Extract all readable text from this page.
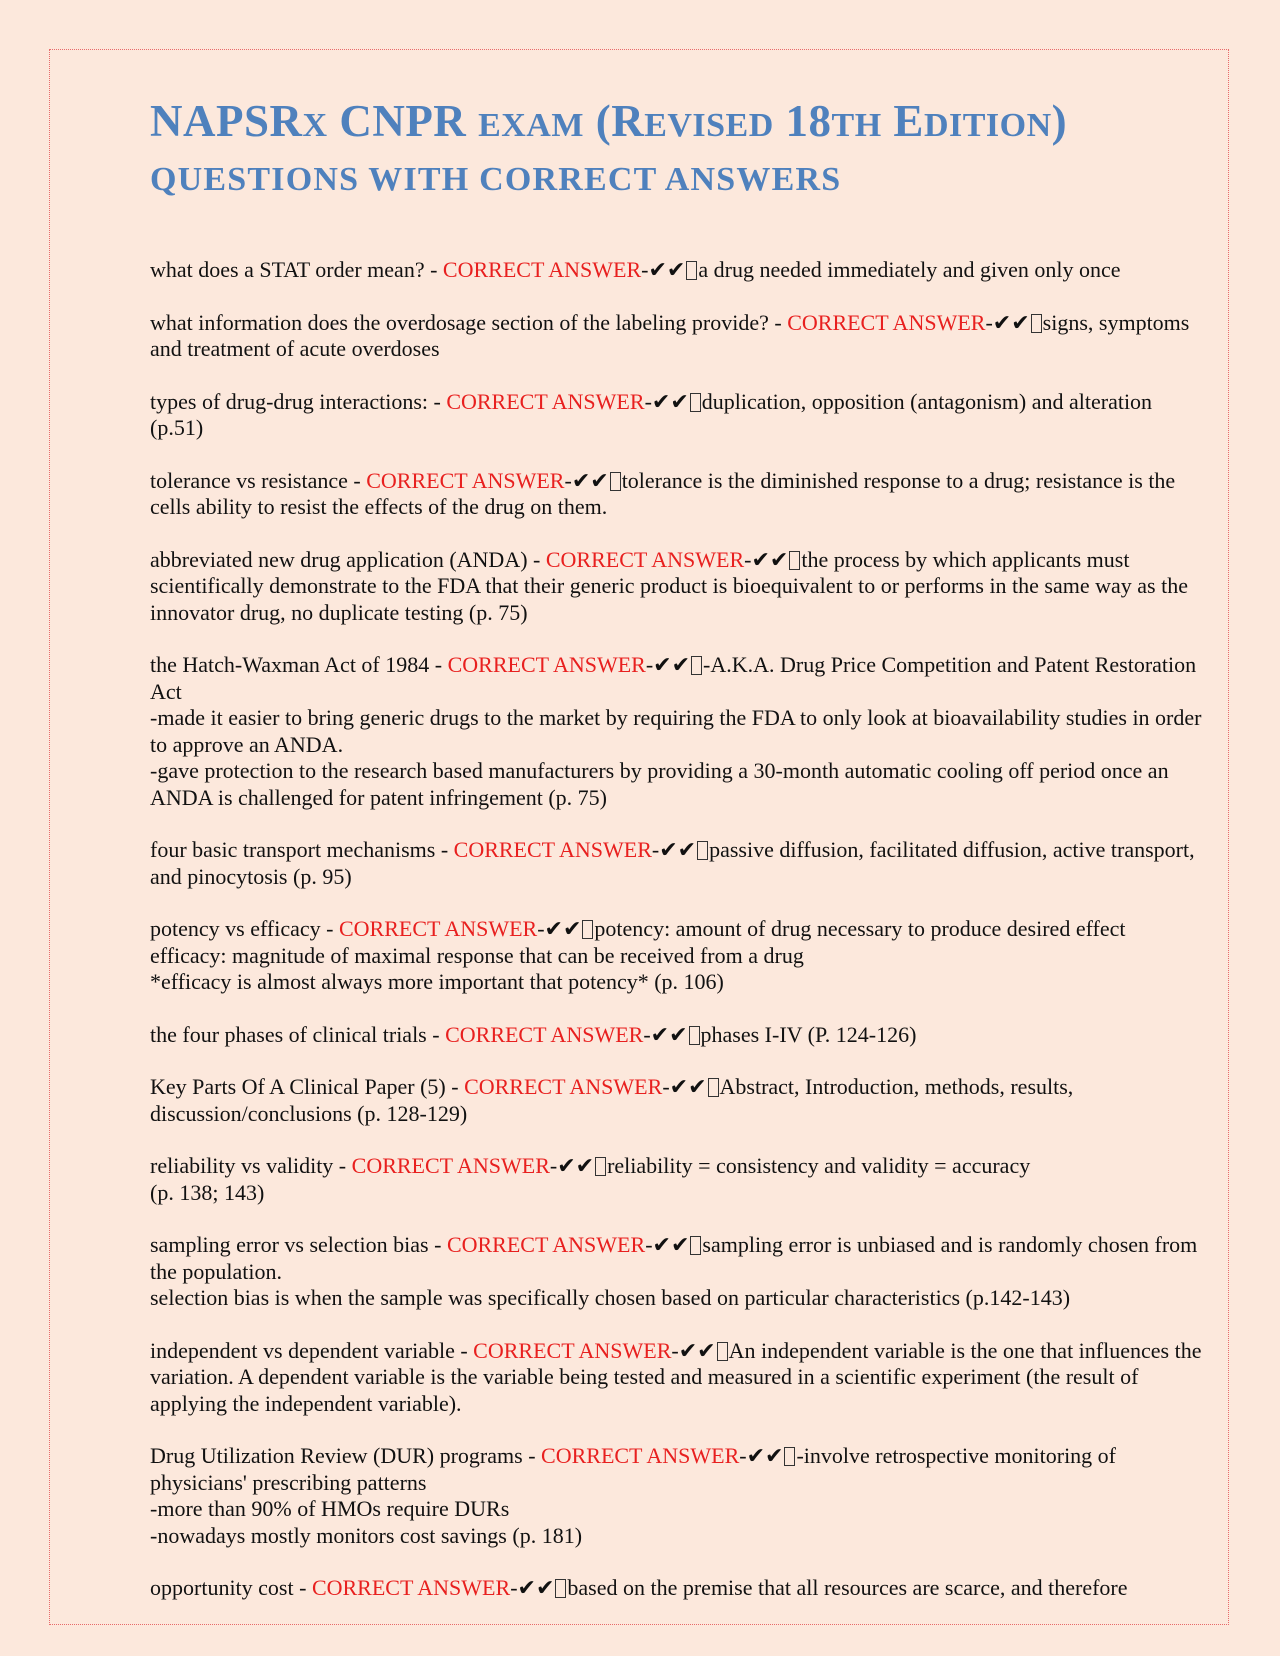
NAPSRX CNPR EXAM (REVISED 18TH EDITION)
QUESTIONS WITH CORRECT ANSWERS
what does a STAT order mean? - CORRECT ANSWER-✔✔ a drug needed immediately and given only once
what information does the overdosage section of the labeling provide? - CORRECT ANSWER-✔✔ signs, symptoms and treatment of acute overdoses
types of drug-drug interactions: - CORRECT ANSWER-✔✔ duplication, opposition (antagonism) and alteration (p.51)
tolerance vs resistance - CORRECT ANSWER-✔✔ tolerance is the diminished response to a drug; resistance is the cells ability to resist the effects of the drug on them.
abbreviated new drug application (ANDA) - CORRECT ANSWER-✔✔ the process by which applicants must scientifically demonstrate to the FDA that their generic product is bioequivalent to or performs in the same way as the innovator drug, no duplicate testing (p. 75)
the Hatch-Waxman Act of 1984 - CORRECT ANSWER-✔✔ -A.K.A. Drug Price Competition and Patent Restoration Act
-made it easier to bring generic drugs to the market by requiring the FDA to only look at bioavailability studies in order to approve an ANDA.
-gave protection to the research based manufacturers by providing a 30-month automatic cooling off period once an ANDA is challenged for patent infringement (p. 75)
four basic transport mechanisms - CORRECT ANSWER-✔✔ passive diffusion, facilitated diffusion, active transport, and pinocytosis (p. 95)
potency vs efficacy - CORRECT ANSWER-✔✔ potency: amount of drug necessary to produce desired effect
efficacy: magnitude of maximal response that can be received from a drug
*efficacy is almost always more important that potency* (p. 106)
the four phases of clinical trials - CORRECT ANSWER-✔✔ phases I-IV (P. 124-126)
Key Parts Of A Clinical Paper (5) - CORRECT ANSWER-✔✔ Abstract, Introduction, methods, results, discussion/conclusions (p. 128-129)
reliability vs validity - CORRECT ANSWER-✔✔ reliability = consistency and validity = accuracy
(p. 138; 143)
sampling error vs selection bias - CORRECT ANSWER-✔✔ sampling error is unbiased and is randomly chosen from the population.
selection bias is when the sample was specifically chosen based on particular characteristics (p.142-143)
independent vs dependent variable - CORRECT ANSWER-✔✔ An independent variable is the one that influences the variation. A dependent variable is the variable being tested and measured in a scientific experiment (the result of applying the independent variable).
Drug Utilization Review (DUR) programs - CORRECT ANSWER-✔✔ -involve retrospective monitoring of physicians' prescribing patterns
-more than 90% of HMOs require DURs
-nowadays mostly monitors cost savings (p. 181)
opportunity cost - CORRECT ANSWER-✔✔ based on the premise that all resources are scarce, and therefore
